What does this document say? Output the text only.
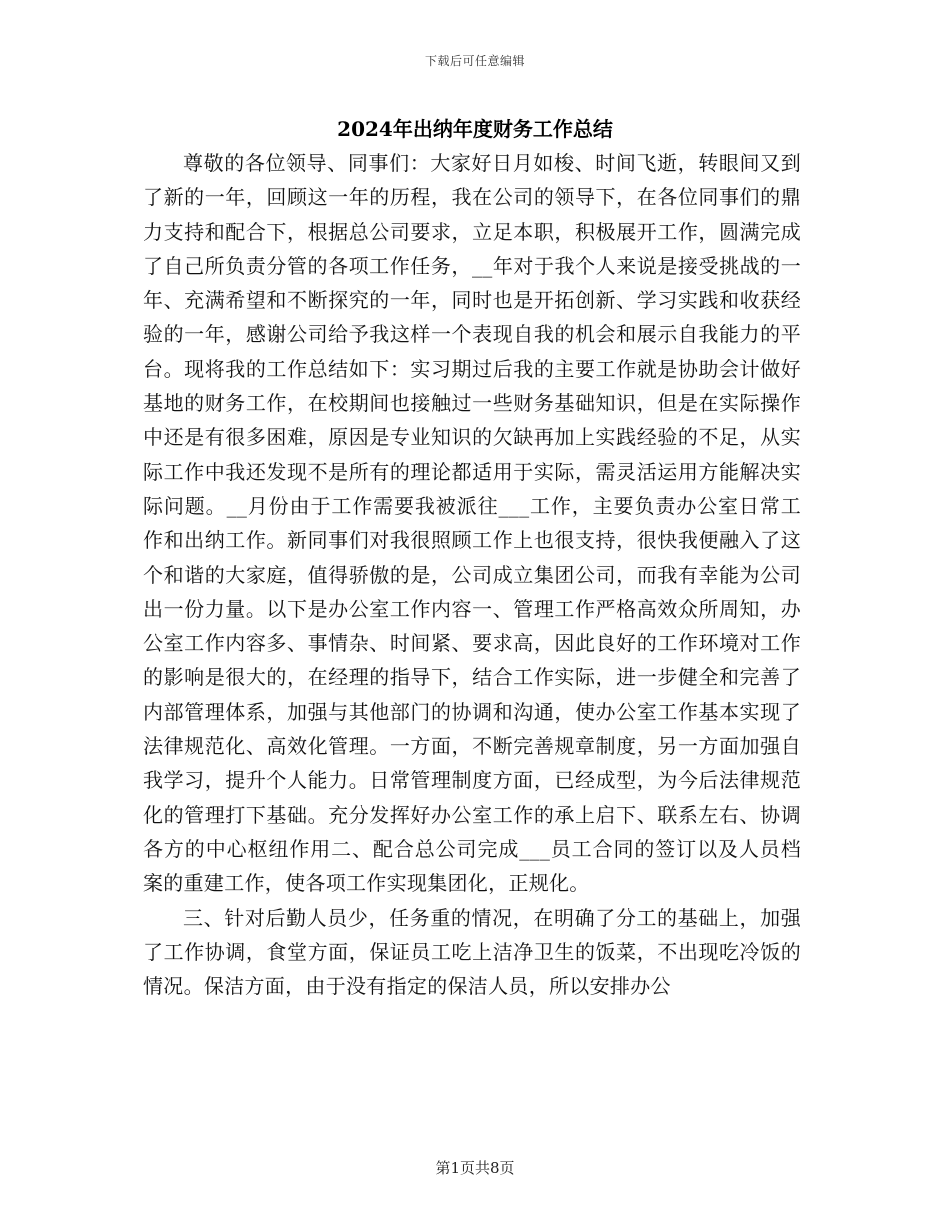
下载后可任意编辑
2024年出纳年度财务工作总结

尊敬的各位领导、同事们：大家好日月如梭、时间飞逝，转眼间又到了新的一年，回顾这一年的历程，我在公司的领导下，在各位同事们的鼎力支持和配合下，根据总公司要求，立足本职，积极展开工作，圆满完成了自己所负责分管的各项工作任务，__年对于我个人来说是接受挑战的一年、充满希望和不断探究的一年，同时也是开拓创新、学习实践和收获经验的一年，感谢公司给予我这样一个表现自我的机会和展示自我能力的平台。现将我的工作总结如下：实习期过后我的主要工作就是协助会计做好基地的财务工作，在校期间也接触过一些财务基础知识，但是在实际操作中还是有很多困难，原因是专业知识的欠缺再加上实践经验的不足，从实际工作中我还发现不是所有的理论都适用于实际，需灵活运用方能解决实际问题。__月份由于工作需要我被派往___工作，主要负责办公室日常工作和出纳工作。新同事们对我很照顾工作上也很支持，很快我便融入了这个和谐的大家庭，值得骄傲的是，公司成立集团公司，而我有幸能为公司出一份力量。以下是办公室工作内容一、管理工作严格高效众所周知，办公室工作内容多、事情杂、时间紧、要求高，因此良好的工作环境对工作的影响是很大的，在经理的指导下，结合工作实际，进一步健全和完善了内部管理体系，加强与其他部门的协调和沟通，使办公室工作基本实现了法律规范化、高效化管理。一方面，不断完善规章制度，另一方面加强自我学习，提升个人能力。日常管理制度方面，已经成型，为今后法律规范化的管理打下基础。充分发挥好办公室工作的承上启下、联系左右、协调各方的中心枢纽作用二、配合总公司完成___员工合同的签订以及人员档案的重建工作，使各项工作实现集团化，正规化。

三、针对后勤人员少，任务重的情况，在明确了分工的基础上，加强了工作协调，食堂方面，保证员工吃上洁净卫生的饭菜，不出现吃冷饭的情况。保洁方面，由于没有指定的保洁人员，所以安排办公

第1页共8页
